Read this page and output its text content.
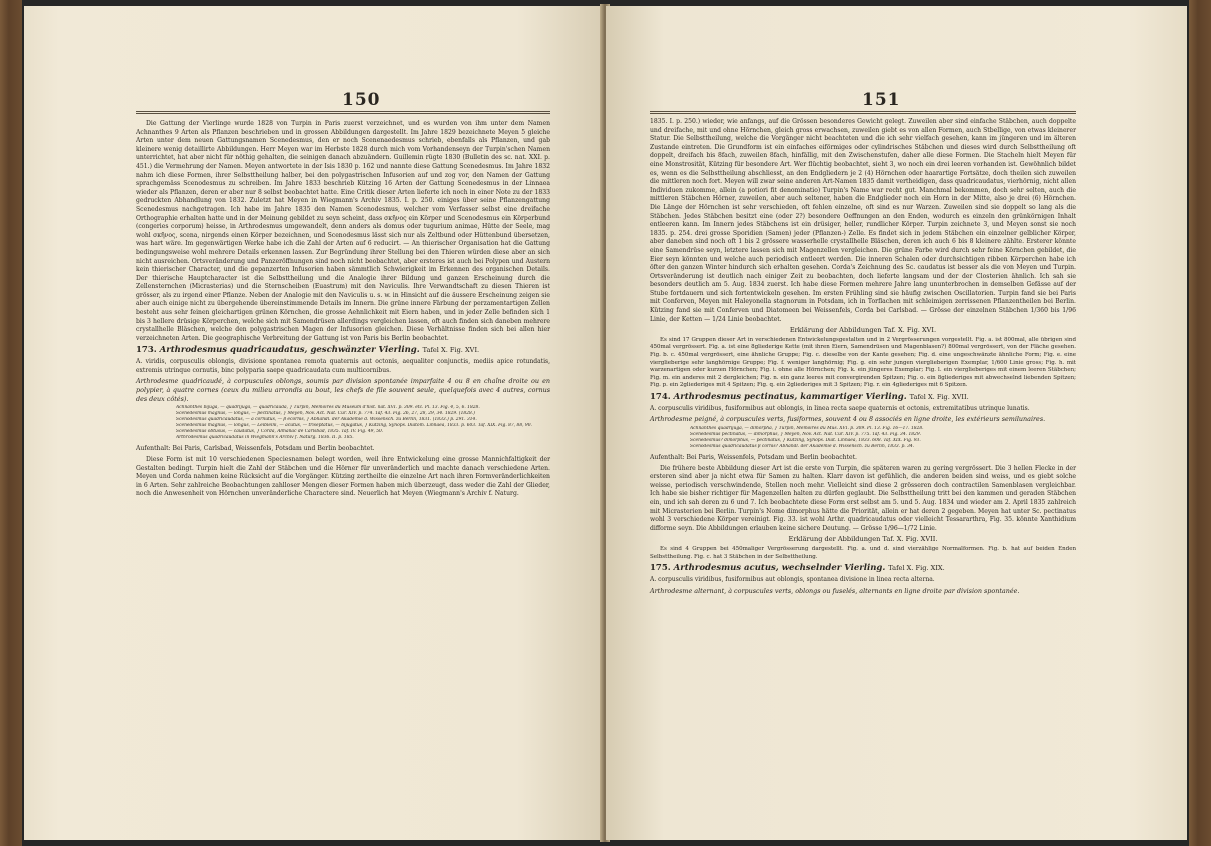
150

Die Gattung der Vierlinge wurde 1828 von Turpin in Paris zuerst verzeichnet, und es wurden von ihm unter dem Namen Achnanthes 9 Arten als Pflanzen beschrieben und in grossen Abbildungen dargestellt. Im Jahre 1829 bezeichnete Meyen 5 gleiche Arten unter dem neuen Gattungsnamen Scenedesmus, den er noch Scenenaedesmus schrieb, ebenfalls als Pflanzen, und gab kleinere wenig detaillirte Abbildungen. Herr Meyen war im Herbste 1828 durch mich vom Vorhandenseyn der Turpin'schen Namen unterrichtet, hat aber nicht für nöthig gehalten, die seinigen danach abzuändern. Guillemin rügte 1830 (Bulletin des sc. nat. XXI. p. 451.) die Vermehrung der Namen. Meyen antwortete in der Isis 1830 p. 162 und nannte diese Gattung Scenedesmus. Im Jahre 1832 nahm ich diese Formen, ihrer Selbsttheilung halber, bei den polygastrischen Infusorien auf und zog vor, den Namen der Gattung sprachgemäss Scenodesmus zu schreiben. Im Jahre 1833 beschrieb Kützing 16 Arten der Gattung Scenedesmus in der Linnaea wieder als Pflanzen, deren er aber nur 8 selbst beobachtet hatte. Eine Critik dieser Arten lieferte ich noch in einer Note zu der 1833 gedruckten Abhandlung von 1832. Zuletzt hat Meyen in Wiegmann's Archiv 1835. I. p. 250. einiges über seine Pflanzengattung Scenedesmus nachgetragen. Ich habe im Jahre 1835 den Namen Scenodesmus, welcher vom Verfasser selbst eine dreifache Orthographie erhalten hatte und in der Meinung gebildet zu seyn scheint, dass σκῆνος ein Körper und Scenodesmus ein Körperbund (congeries corporum) heisse, in Arthrodesmus umgewandelt, denn anders als domus oder tugurium animae, Hütte der Seele, mag wohl σκῆνος, scena, nirgends einen Körper bezeichnen, und Scenodesmus lässt sich nur als Zeltbund oder Hüttenbund übersetzen, was hart wäre. Im gegenwärtigen Werke habe ich die Zahl der Arten auf 6 reducirt. — An thierischer Organisation hat die Gattung bedingungsweise wohl mehrere Details erkennen lassen. Zur Begründung ihrer Stellung bei den Thieren würden diese aber an sich nicht ausreichen. Ortsveränderung und Panzeröffnungen sind noch nicht beobachtet, aber ersteres ist auch bei Polypen und Austern kein thierischer Character, und die gepanzerten Infusorien haben sämmtlich Schwierigkeit im Erkennen des organischen Details. Der thierische Hauptcharacter ist die Selbsttheilung und die Analogie ihrer Bildung und ganzen Erscheinung durch die Zellensternchen (Micrasterias) und die Sternscheiben (Euastrum) mit den Naviculis. Ihre Verwandtschaft zu diesen Thieren ist grösser, als zu irgend einer Pflanze. Neben der Analogie mit den Naviculis u. s. w. in Hinsicht auf die äussere Erscheinung zeigen sie aber auch einige nicht zu übergehende übereinstimmende Details im Innern. Die grüne innere Färbung der perzamentartigen Zellen besteht aus sehr feinen gleichartigen grünen Körnchen, die grosse Aehnlichkeit mit Eiern haben, und in jeder Zelle befinden sich 1 bis 3 hellere drüsige Körperchen, welche sich mit Samendrüsen allerdings vergleichen lassen, oft auch finden sich daneben mehrere crystallhelle Bläschen, welche den polygastrischen Magen der Infusorien gleichen. Diese Verhältnisse finden sich bei allen hier verzeichneten Arten. Die geographische Verbreitung der Gattung ist von Paris bis Berlin beobachtet.

173. Arthrodesmus quadricaudatus, geschwänzter Vierling. Tafel X. Fig. XVI.

A. viridis, corpusculis oblongis, divisione spontanea remota quaternis aut octonis, aequaliter conjunctis, mediis apice rotundatis, extremis utrinque cornutis, binc polyparia saepe quadricaudata cum multicornibus.

Arthrodesme quadricaudé, à corpuscules oblongs, soumis par division spontanée imparfaite 4 ou 8 en chaîne droite ou en polypier, à quatre cornes (ceux du milieu arrondis au bout, les chefs de file souvent seule, quelquefois avec 4 autres, cornus des deux côtés).

Achnanthes bijuga, — quadrijuga, — quadricauda, } Turpin, Mémoires du Muséum d'hist. nat. XVI. p. 309. etc. Pl. 13. Fig. 4, 5, 6. 1828.
Scenedesmus magnus, — longus, — pectinatus, } Meyen, Nov. Act. Nat. Cur. XIV. p. 774. Taf. 43. Fig. 26, 27, 28, 29, 34. 1829. (1828.)
Scenodesmus quadricaudatus, — a cornutus, — β ecornis, } Abhandl. der Akademie d. Wissensch. zu Berlin, 1831. (1833.) p. 291. 314.
Scenedesmus magnus, — longus, — Leibleini, — acutus, — triseptatus, — bijugatus, } Kützing, Synops. Diatom. Linnaea, 1833. p. 603. Taf. XIX. Fig. 87, 88, 90.
Scenedesmus obtusus, — caudatus, } Corda, Almanac de Carlsbad, 1835. Taf. IV. Fig. 49, 50.
Arthrodesmus quadricaudatus in Wiegmann's Archiv f. Naturg. 1836. II. p. 185.

Aufenthalt: Bei Paris, Carlsbad, Weissenfels, Potsdam und Berlin beobachtet.

Diese Form ist mit 10 verschiedenen Speciesnamen belegt worden, weil ihre Entwickelung eine grosse Mannichfaltigkeit der Gestalten bedingt. Turpin hielt die Zahl der Stäbchen und die Hörner für unveränderlich und machte danach verschiedene Arten. Meyen und Corda nahmen keine Rücksicht auf die Vorgänger. Kützing zertheilte die einzelne Art nach ihren Formveränderlichkeiten in 6 Arten. Sehr zahlreiche Beobachtungen zahlloser Mengen dieser Formen haben mich überzeugt, dass weder die Zahl der Glieder, noch die Anwesenheit von Hörnchen unveränderliche Charactere sind. Neuerlich hat Meyen (Wiegmann's Archiv f. Naturg.

151

1835. I. p. 250.) wieder, wie anfangs, auf die Grössen besonderes Gewicht gelegt. Zuweilen aber sind einfache Stäbchen, auch doppelte und dreifache, mit und ohne Hörnchen, gleich gross erwachsen, zuweilen giebt es von allen Formen, auch Stbellige, von etwas kleinerer Statur. Die Selbsttheilung, welche die Vorgänger nicht beachteten und die ich sehr vielfach gesehen, kann im jüngeren und im älteren Zustande eintreten. Die Grundform ist ein einfaches eiförmiges oder cylindrisches Stäbchen und dieses wird durch Selbsttheilung oft doppelt, dreifach bis 8fach, zuweilen 8fach, hinfällig, mit den Zwischenstufen, daher alle diese Formen. Die Stacheln hielt Meyen für eine Monstrosität, Kützing für besondere Art. Wer flüchtig beobachtet, sieht 3, wo noch ein drei leeren vorhanden ist. Gewöhnlich bildet es, wenn es die Selbsttheilung abschliesst, an den Endgliedern je 2 (4) Hörnchen oder haarartige Fortsätze, doch theilen sich zuweilen die mittleren noch fort. Meyen will zwar seine anderen Art-Namen 1835 damit vertheidigen, dass quadricaudatus, vierhörnig, nicht allen Individuen zukomme, allein (a potiori fit denominatio) Turpin's Name war recht gut. Manchmal bekommen, doch sehr selten, auch die mittleren Stäbchen Hörner, zuweilen, aber auch seltener, haben die Endglieder noch ein Horn in der Mitte, also je drei (6) Hörnchen. Die Länge der Hörnchen ist sehr verschieden, oft fehlen einzelne, oft sind es nur Warzen. Zuweilen sind sie doppelt so lang als die Stäbchen. Jedes Stäbchen besitzt eine (oder 2?) besondere Oeffnungen an den Enden, wodurch es einzeln den grünkörnigen Inhalt entleeren kann. Im Innern jedes Stäbchens ist ein drüsiger, heller, rundlicher Körper. Turpin zeichnete 3, und Meyen sonst sie noch 1835. p. 254. drei grosse Sporidien (Samen) jeder (Pflanzen-) Zelle. Es findet sich in jedem Stäbchen ein einzelner gelblicher Körper, aber daneben sind noch oft 1 bis 2 grössere wasserhelle crystallhelle Bläschen, deren ich auch 6 bis 8 kleinere zählte. Ersterer könnte eine Samendrüse seyn, letztere lassen sich mit Magenzellen vergleichen. Die grüne Farbe wird durch sehr feine Körnchen gebildet, die Eier seyn könnten und welche auch periodisch entleert werden. Die inneren Schalen oder durchsichtigen ribben Körperchen habe ich öfter den ganzen Winter hindurch sich erhalten gesehen. Corda's Zeichnung des Sc. caudatus ist besser als die von Meyen und Turpin. Ortsveränderung ist deutlich nach einiger Zeit zu beobachten, doch lieferte langsam und der der Closterien ähnlich. Ich sah sie besonders deutlich am 5. Aug. 1834 zuerst. Ich habe diese Formen mehrere Jahre lang ununterbrochen in demselben Gefässe auf der Stube fortdauern und sich fortentwickeln gesehen. Im ersten Frühling sind sie häufig zwischen Oscillatorien. Turpin fand sie bei Paris mit Conferven, Meyen mit Haleyonella stagnorum in Potsdam, ich in Torflachen mit schleimigen zerrissenen Pflanzentheilen bei Berlin. Kützing fand sie mit Conferven und Diatomeen bei Weissenfels, Corda bei Carlsbad. — Grösse der einzelnen Stäbchen 1/360 bis 1/96 Linie, der Ketten — 1/24 Linie beobachtet.

Erklärung der Abbildungen Taf. X. Fig. XVI.

Es sind 17 Gruppen dieser Art in verschiedenen Entwickelungsgestalten und in 2 Vergrösserungen vorgestellt. Fig. a. ist 800mal, alle übrigen sind 450mal vergrössert. Fig. a. ist eine 8gliederige Kette (mit ihren Eiern, Samendrüsen und Magenblasen?) 800mal vergrössert, von der Fläche gesehen. Fig. b. c. 450mal vergrössert, eine ähnliche Gruppe; Fig. c. dieselbe von der Kante gesehen; Fig. d. eine ungeschwänzte ähnliche Form; Fig. e. eine vierglieberige sehr langhörnige Gruppe; Fig. f. weniger langhörnig; Fig. g. ein sehr jungen vierglieberigen Exemplar, 1/600 Linie gross; Fig. h. mit warzenartigen oder kurzen Hörnchen; Fig. i. ohne alle Hörnchen; Fig. k. ein jüngeres Exemplar; Fig. l. ein vierglieberiges mit einem leeren Stäbchen; Fig. m. ein anderes mit 2 dergleichen; Fig. n. ein ganz leeres mit convergirenden Spitzen; Fig. o. ein 8gliederiges mit abwechselnd liebenden Spitzen; Fig. p. ein 2gliederiges mit 4 Spitzen; Fig. q. ein 2gliederiges mit 3 Spitzen; Fig. r. ein 4gliederiges mit 6 Spitzen.

174. Arthrodesmus pectinatus, kammartiger Vierling. Tafel X. Fig. XVII.

A. corpusculis viridibus, fusiformibus aut oblongis, in linea recta saepe quaternis et octonis, extremitatibus utrinque lunatis.

Arthrodesme peigné, à corpuscules verts, fusiformes, souvent 4 ou 8 associés en ligne droite, les extérieurs semilunaires.

Achnanthes quadrijuga, — dimorpha, } Turpin, Mémoires du Mus. XVI. p. 309. Pl. 13. Fig. 16—17. 1828.
Scenedesmus pectinatus, — dimorphus, } Meyen, Nov. Act. Nat. Cur. XIV. p. 775. Taf. 43. Fig. 34. 1829.
Scenedesmus? dimorphus, — pectinatus, } Kützing, Synops. Diat. Linnaea, 1833. 608. Taf. XIX. Fig. 93.
Scenodesmus quadricaudatus β cornis? Abhandl. der Akademie d. Wissensch. zu Berlin, 1833. p. 34.

Aufenthalt: Bei Paris, Weissenfels, Potsdam und Berlin beobachtet.

Die frühere beste Abbildung dieser Art ist die erste von Turpin, die späteren waren zu gering vergrössert. Die 3 hellen Flecke in der ersteren sind aber ja nicht etwa für Samen zu halten. Klarr davon ist gefühlich, die anderen beiden sind weiss, und es giebt solche weisse, periodisch verschwindende, Stellen noch mehr. Vielleicht sind diese 2 grösseren doch contractilen Samenblasen vergleichbar. Ich habe sie bisher richtiger für Magenzellen halten zu dürfen geglaubt. Die Selbsttheilung tritt bei den kammen und geraden Stäbchen ein, und ich sah deren zu 6 und 7. Ich beobachtete diese Form erst selbst am 5. und 5. Aug. 1834 und wieder am 2. April 1835 zahlreich mit Micrasterien bei Berlin. Turpin's Nome dimorphus hätte die Priorität, allein er hat deren 2 gegeben. Meyen hat unter Sc. pectinatus wohl 3 verschiedene Körper vereinigt. Fig. 33. ist wohl Arthr. quadricaudatus oder vielleicht Tessararthra, Fig. 35. könnte Xanthidium difforme seyn. Die Abbildungen erlauben keine sichere Deutung. — Grösse 1/96—1/72 Linie.

Erklärung der Abbildungen Taf. X. Fig. XVII.

Es sind 4 Gruppen bei 450maliger Vergrösserung dargestellt. Fig. a. und d. sind vierzählige Normalformen. Fig. b. hat auf beiden Enden Selbsttheilung. Fig. c. hat 3 Stäbchen in der Selbsttheilung.

175. Arthrodesmus acutus, wechselnder Vierling. Tafel X. Fig. XIX.

A. corpusculis viridibus, fusiformibus aut oblongis, spontanea divisione in linea recta alterna.

Arthrodesme alternant, à corpuscules verts, oblongs ou fuselés, alternants en ligne droite par division spontanée.
